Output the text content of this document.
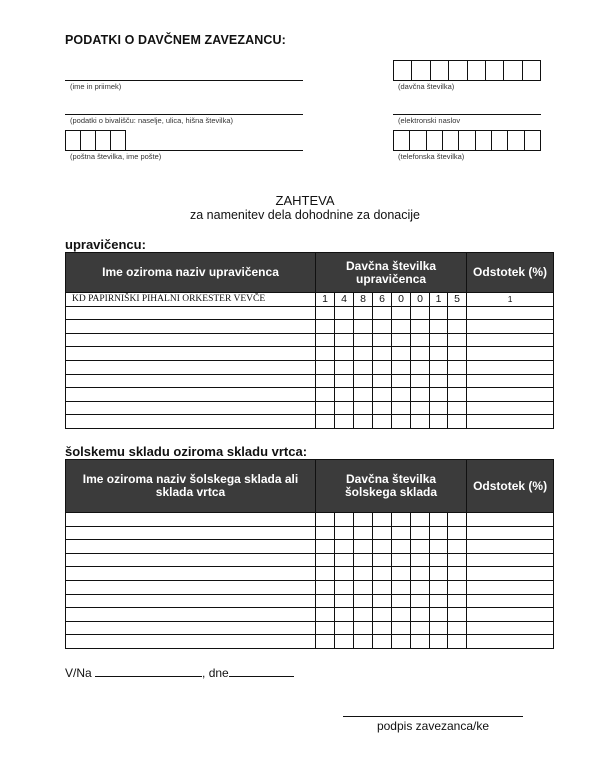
PODATKI O DAVČNEM ZAVEZANCU:
(ime in priimek)
(podatki o bivališču: naselje, ulica, hišna številka)
(poštna številka, ime pošte)
(davčna številka)
(elektronski naslov
(telefonska številka)
ZAHTEVA
za namenitev dela dohodnine za donacije
upravičencu:
Ime oziroma naziv upravičenca	Davčna številka upravičenca								Odstotek (%)
KD PAPIRNIŠKI PIHALNI ORKESTER VEVČE	1	4	8	6	0	0	1	5	1

šolskemu skladu oziroma skladu vrtca:
Ime oziroma naziv šolskega sklada ali sklada vrtca	Davčna številka šolskega sklada								Odstotek (%)

V/Na	, dne
podpis zavezanca/ke
